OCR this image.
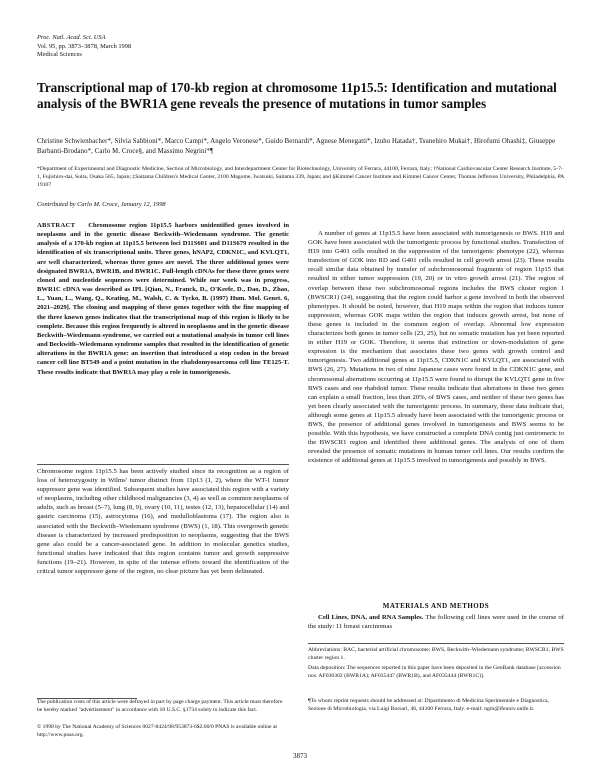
Proc. Natl. Acad. Sci. USA
Vol. 95, pp. 3873–3878, March 1998
Medical Sciences
Transcriptional map of 170-kb region at chromosome 11p15.5: Identification and mutational analysis of the BWR1A gene reveals the presence of mutations in tumor samples
Christine Schwienbacher*, Silvia Sabbioni*, Marco Campi*, Angelo Veronese*, Guido Bernardi*, Agnese Menegatti*, Izuho Hatada†, Tsunehiro Mukai†, Hirofumi Ohashi‡, Giuseppe Barbanti-Brodano*, Carlo M. Croce§, and Massimo Negrini*¶
*Department of Experimental and Diagnostic Medicine, Section of Microbiology, and Interdepartment Center for Biotechnology, University of Ferrara, 44100, Ferrara, Italy; †National Cardiovascular Center Research Institute, 5-7-1, Fujishiro-dai, Suita, Osaka 565, Japan; ‡Saitama Children's Medical Center, 2100 Magome, Iwatsuki, Saitama 339, Japan; and §Kimmel Cancer Institute and Kimmel Cancer Center, Thomas Jefferson University, Philadelphia, PA 19107
Contributed by Carlo M. Croce, January 12, 1998
ABSTRACT Chromosome region 11p15.5 harbors unidentified genes involved in neoplasms and in the genetic disease Beckwith–Wiedemann syndrome. The genetic analysis of a 170-kb region at 11p15.5 between loci D11S601 and D11S679 resulted in the identification of six transcriptional units. Three genes, hNAP2, CDKN1C, and KVLQT1, are well characterized, whereas three genes are novel. The three additional genes were designated BWR1A, BWR1B, and BWR1C. Full-length cDNAs for these three genes were cloned and nucleotide sequences were determined. While our work was in progress, BWR1C cDNA was described as IPL [Qian, N., Franck, D., O'Keefe, D., Dao, D., Zhao, L., Yuan, L., Wang, Q., Keating, M., Walsh, C. & Tycko, B. (1997) Hum. Mol. Genet. 6, 2021–2029]. The cloning and mapping of these genes together with the fine mapping of the three known genes indicates that the transcriptional map of this region is likely to be complete. Because this region frequently is altered in neoplasms and in the genetic disease Beckwith–Wiedemann syndrome, we carried out a mutational analysis in tumor cell lines and Beckwith–Wiedemann syndrome samples that resulted in the identification of genetic alterations in the BWR1A gene: an insertion that introduced a stop codon in the breast cancer cell line BT549 and a point mutation in the rhabdomyosarcoma cell line TE125-T. These results indicate that BWR1A may play a role in tumorigenesis.

Chromosome region 11p15.5 has been actively studied since its recognition as a region of loss of heterozygosity in Wilms' tumor distinct from 11p13 (1, 2), where the WT-1 tumor suppressor gene was identified. Subsequent studies have associated this region with a variety of neoplasms, including other childhood malignancies (3, 4) as well as common neoplasms of adults, such as breast (5–7), lung (8, 9), ovary (10, 11), testes (12, 13), hepatocellular (14) and gastric carcinoma (15), astrocytoma (16), and medulloblastoma (17). The region also is associated with the Beckwith–Wiedemann syndrome (BWS) (1, 18). This overgrowth genetic disease is characterized by increased predisposition to neoplasms, suggesting that the BWS gene also could be a cancer-associated gene. In addition to molecular genetics studies, functional studies have indicated that this region contains tumor and growth suppressive functions (19–21). However, in spite of the intense efforts toward the identification of the critical tumor suppressor gene of the region, no clear picture has yet been delineated.

The publication costs of this article were defrayed in part by page charge payment. This article must therefore be hereby marked "advertisement" in accordance with 18 U.S.C. §1734 solely to indicate this fact.
© 1998 by The National Academy of Sciences 0027-8424/98/953873-6$2.00/0 PNAS is available online at http://www.pnas.org.

A number of genes at 11p15.5 have been associated with tumorigenesis or BWS. H19 and GOK have been associated with the tumorigenic process by functional studies. Transfection of H19 into G401 cells resulted in the suppression of the tumorigenic phenotype (22), whereas transfection of GOK into RD and G401 cells resulted in cell growth arrest (23). These results recall similar data obtained by transfer of subchromosomal fragments of region 11p15 that resulted in either tumor suppression (19, 20) or in vitro growth arrest (21). The region of overlap between these two subchromosomal regions includes the BWS cluster region 1 (BWSCR1) (24), suggesting that the region could harbor a gene involved in both the observed phenotypes. It should be noted, however, that H19 maps within the region that induces tumor suppression, whereas GOK maps within the region that induces growth arrest, but none of these genes is included in the common region of overlap. Abnormal low expression characterizes both genes in tumor cells (23, 25), but no somatic mutation has yet been reported in either H19 or GOK. Therefore, it seems that extinction or down-modulation of gene expression is the mechanism that associates these two genes with growth control and tumorigenesis. Two additional genes at 11p15.5, CDKN1C and KVLQT1, are associated with BWS (26, 27). Mutations in two of nine Japanese cases were found in the CDKN1C gene, and chromosomal aberrations occurring at 11p15.5 were found to disrupt the KVLQT1 gene in five BWS cases and one rhabdoid tumor. These results indicate that alterations in these two genes can explain a small fraction, less than 20%, of BWS cases, and neither of these two genes has yet been clearly associated with the tumorigenic process. In summary, these data indicate that, although some genes at 11p15.5 already have been associated with the tumorigenic process or BWS, the presence of additional genes involved in tumorigenesis and BWS seems to be possible. With this hypothesis, we have constructed a complete DNA contig just centromeric to the BWSCR1 region and identified three additional genes. The analysis of one of them revealed the presence of somatic mutations in human tumor cell lines. Our results confirm the existence of additional genes at 11p15.5 involved in tumorigenesis and possibly in BWS.

MATERIALS AND METHODS

Cell Lines, DNA, and RNA Samples. The following cell lines were used in the course of the study: 11 breast carcinomas

Abbreviations: BAC, bacterial artificial chromosome; BWS, Beckwith–Wiedemann syndrome; BWSCR1, BWS cluster region 1.
Data deposition: The sequences reported in this paper have been deposited in the GenBank database [accession nos. AF030302 (BWR1A); AF035447 (BWR1B), and AF035444 (BWR1C)].
¶To whom reprint requests should be addressed at: Dipartimento di Medicina Sperimentale e Diagnostica, Sezione di Microbiologia, via Luigi Borsari, 46, 44100 Ferrara, Italy. e-mail: ngm@ifeuniv.unife.it.
3873
